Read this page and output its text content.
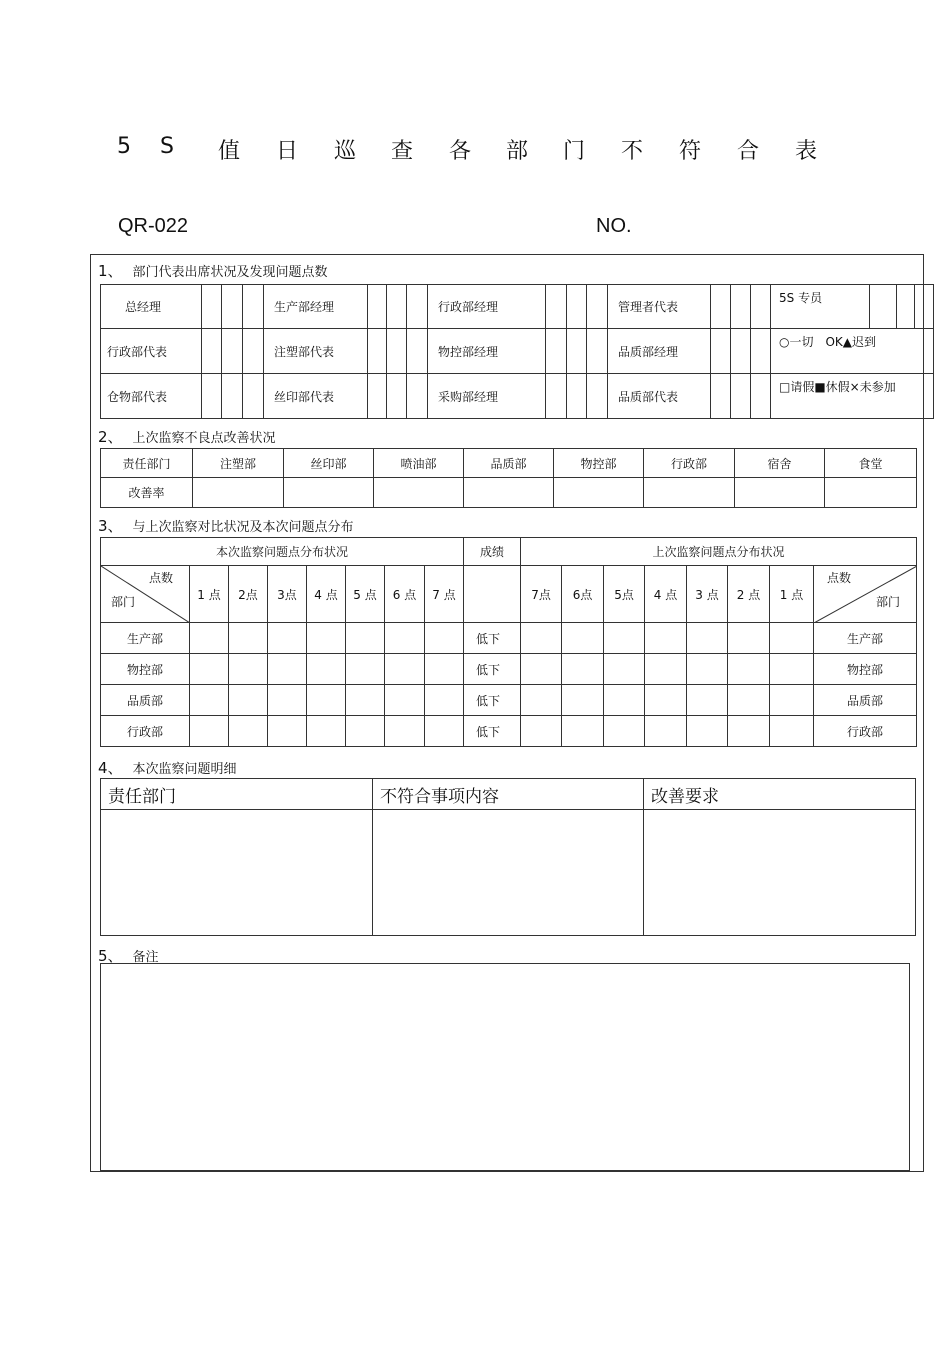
5 S 值 日 巡 查 各 部 门 不 符 合 表
QR-022	NO.
1、 部门代表出席状况及发现问题点数
总经理				生产部经理				行政部经理				管理者代表				5S 专员			
行政部代表				注塑部代表				物控部经理				品质部经理				○一切　OK▲迟到			
仓物部代表				丝印部代表				采购部经理				品质部代表				□请假■休假×未参加			
2、 上次监察不良点改善状况
责任部门	注塑部	丝印部	喷油部	品质部	物控部	行政部	宿舍	食堂
改善率								
3、 与上次监察对比状况及本次问题点分布
本次监察问题点分布状况								成绩	上次监察问题点分布状况							

点数
部门	1 点	2点	3点	4 点	5 点	6 点	7 点		7点	6点	5点	4 点	3 点	2 点	1 点	点数
部门

生产部								低下								生产部
物控部								低下								物控部
品质部								低下								品质部
行政部								低下								行政部
4、 本次监察问题明细
责任部门	不符合事项内容	改善要求

5、 备注
